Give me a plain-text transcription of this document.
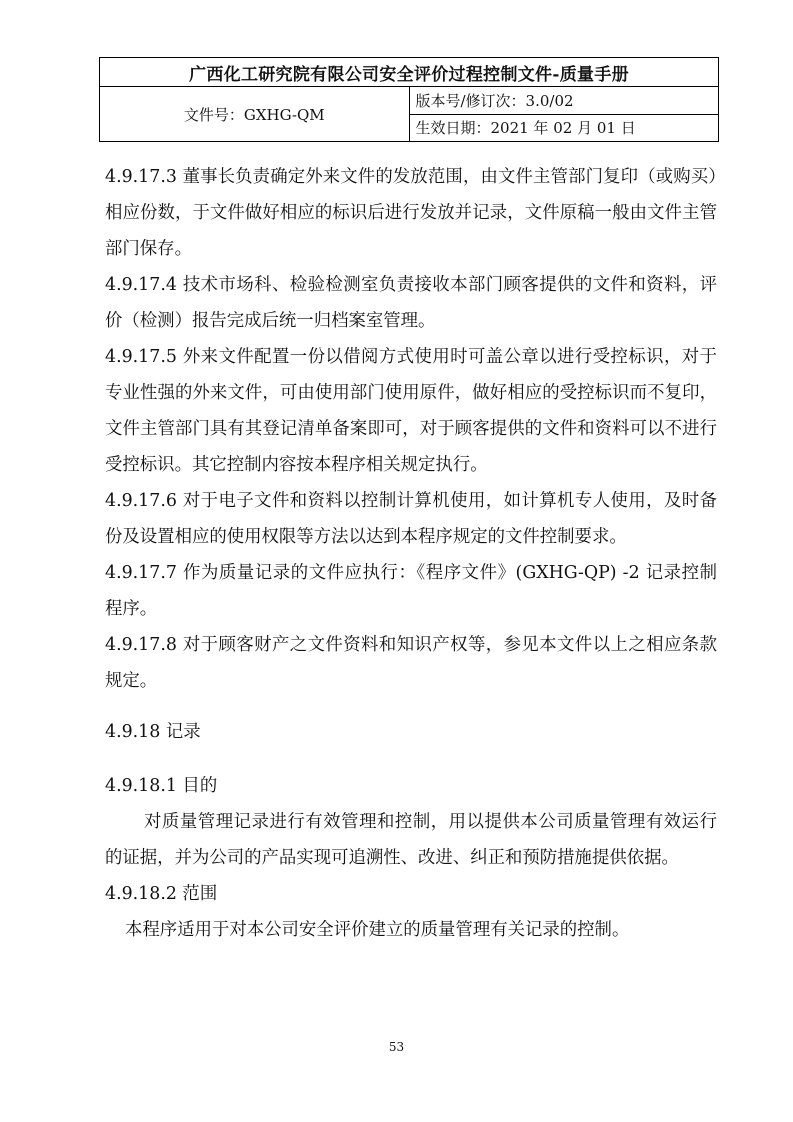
广西化工研究院有限公司安全评价过程控制文件-质量手册
文件号：GXHG-QM	版本号/修订次：3.0/02
生效日期：2021 年 02 月 01 日

4.9.17.3 董事长负责确定外来文件的发放范围，由文件主管部门复印（或购买）相应份数，于文件做好相应的标识后进行发放并记录，文件原稿一般由文件主管部门保存。

4.9.17.4 技术市场科、检验检测室负责接收本部门顾客提供的文件和资料，评价（检测）报告完成后统一归档案室管理。

4.9.17.5 外来文件配置一份以借阅方式使用时可盖公章以进行受控标识，对于专业性强的外来文件，可由使用部门使用原件，做好相应的受控标识而不复印，文件主管部门具有其登记清单备案即可，对于顾客提供的文件和资料可以不进行受控标识。其它控制内容按本程序相关规定执行。

4.9.17.6 对于电子文件和资料以控制计算机使用，如计算机专人使用，及时备份及设置相应的使用权限等方法以达到本程序规定的文件控制要求。

4.9.17.7 作为质量记录的文件应执行：《程序文件》(GXHG-QP) -2 记录控制程序。

4.9.17.8 对于顾客财产之文件资料和知识产权等，参见本文件以上之相应条款规定。

4.9.18 记录

4.9.18.1 目的

对质量管理记录进行有效管理和控制，用以提供本公司质量管理有效运行的证据，并为公司的产品实现可追溯性、改进、纠正和预防措施提供依据。

4.9.18.2 范围

本程序适用于对本公司安全评价建立的质量管理有关记录的控制。

53
